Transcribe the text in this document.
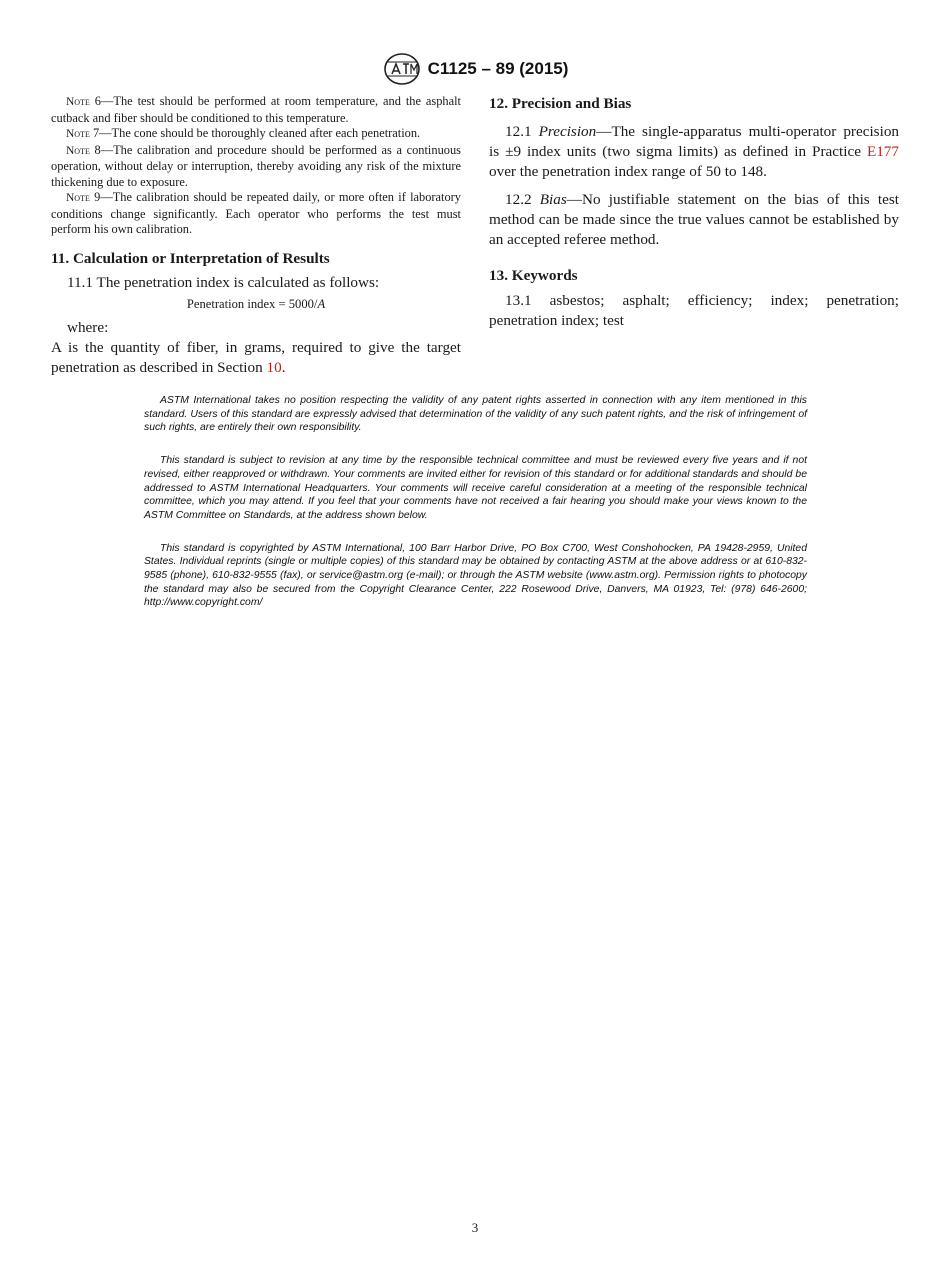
C1125 – 89 (2015)

Note 6—The test should be performed at room temperature, and the asphalt cutback and fiber should be conditioned to this temperature.

Note 7—The cone should be thoroughly cleaned after each penetration.

Note 8—The calibration and procedure should be performed as a continuous operation, without delay or interruption, thereby avoiding any risk of the mixture thickening due to exposure.

Note 9—The calibration should be repeated daily, or more often if laboratory conditions change significantly. Each operator who performs the test must perform his own calibration.

11. Calculation or Interpretation of Results

11.1 The penetration index is calculated as follows:

Penetration index = 5000/A

where:

A is the quantity of fiber, in grams, required to give the target penetration as described in Section 10.

12. Precision and Bias

12.1 Precision—The single-apparatus multi-operator precision is ±9 index units (two sigma limits) as defined in Practice E177 over the penetration index range of 50 to 148.

12.2 Bias—No justifiable statement on the bias of this test method can be made since the true values cannot be established by an accepted referee method.

13. Keywords

13.1 asbestos; asphalt; efficiency; index; penetration; penetration index; test

ASTM International takes no position respecting the validity of any patent rights asserted in connection with any item mentioned in this standard. Users of this standard are expressly advised that determination of the validity of any such patent rights, and the risk of infringement of such rights, are entirely their own responsibility.

This standard is subject to revision at any time by the responsible technical committee and must be reviewed every five years and if not revised, either reapproved or withdrawn. Your comments are invited either for revision of this standard or for additional standards and should be addressed to ASTM International Headquarters. Your comments will receive careful consideration at a meeting of the responsible technical committee, which you may attend. If you feel that your comments have not received a fair hearing you should make your views known to the ASTM Committee on Standards, at the address shown below.

This standard is copyrighted by ASTM International, 100 Barr Harbor Drive, PO Box C700, West Conshohocken, PA 19428-2959, United States. Individual reprints (single or multiple copies) of this standard may be obtained by contacting ASTM at the above address or at 610-832-9585 (phone), 610-832-9555 (fax), or service@astm.org (e-mail); or through the ASTM website (www.astm.org). Permission rights to photocopy the standard may also be secured from the Copyright Clearance Center, 222 Rosewood Drive, Danvers, MA 01923, Tel: (978) 646-2600; http://www.copyright.com/

3
